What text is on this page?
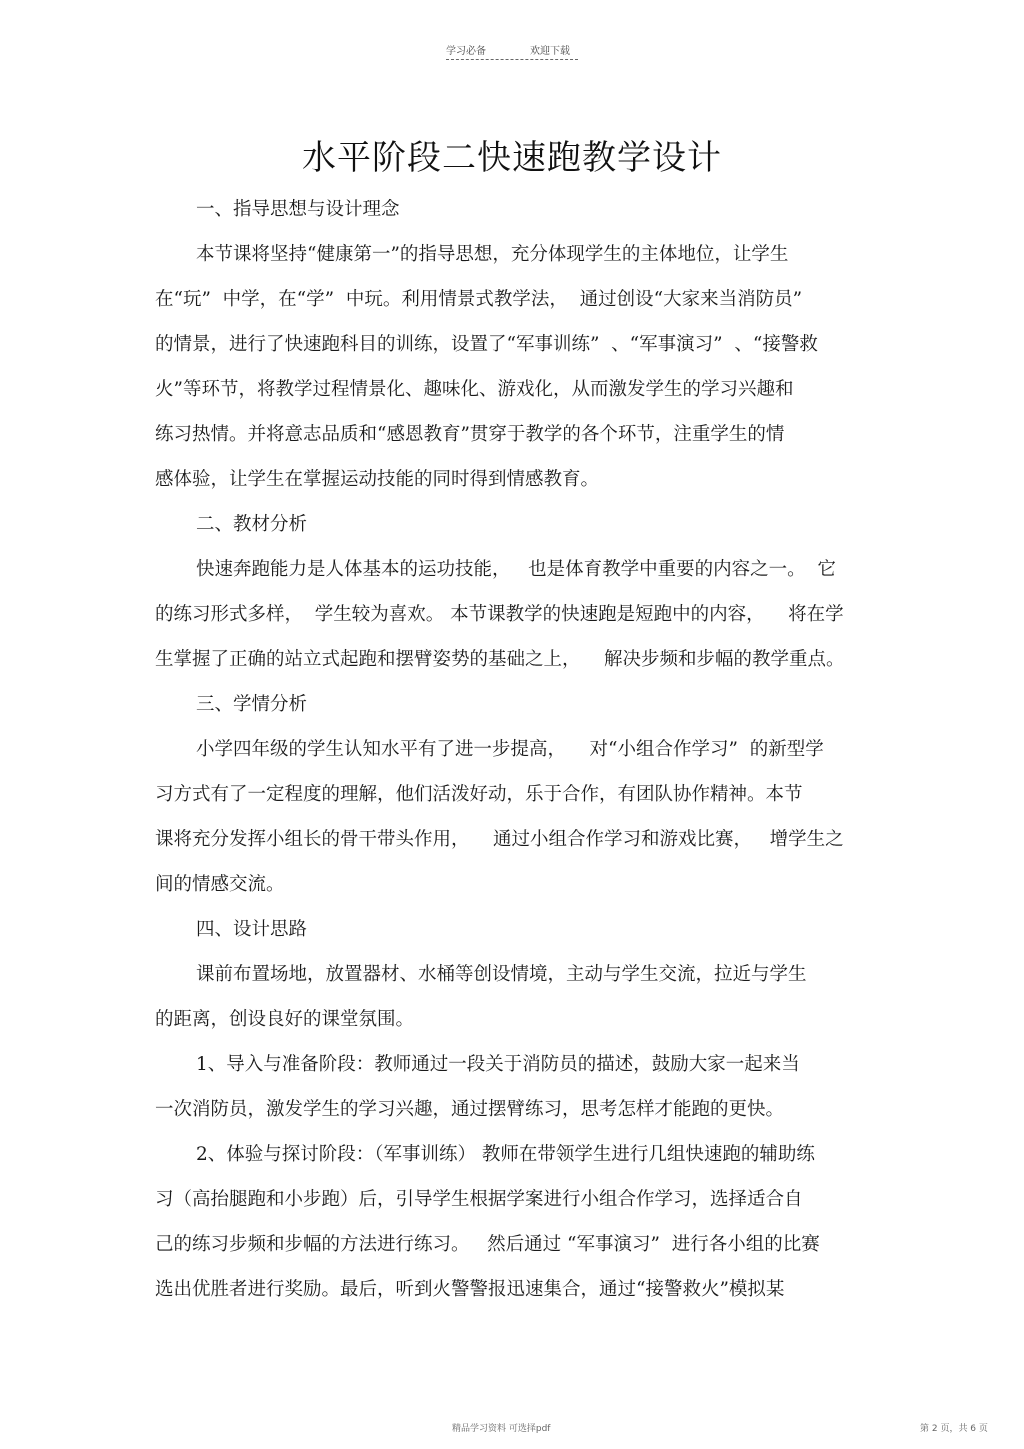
学习必备	欢迎下载
水平阶段二快速跑教学设计
一、指导思想与设计理念
本节课将坚持“健康第一”的指导思想，充分体现学生的主体地位，让学生
在“玩”  中学，在“学”  中玩。利用情景式教学法，  通过创设“大家来当消防员”
的情景，进行了快速跑科目的训练，设置了“军事训练”  、“军事演习”  、“接警救
火”等环节，将教学过程情景化、趣味化、游戏化，从而激发学生的学习兴趣和
练习热情。并将意志品质和“感恩教育”贯穿于教学的各个环节，注重学生的情
感体验，让学生在掌握运动技能的同时得到情感教育。
二、教材分析
快速奔跑能力是人体基本的运功技能，   也是体育教学中重要的内容之一。  它
的练习形式多样，  学生较为喜欢。 本节课教学的快速跑是短跑中的内容，    将在学
生掌握了正确的站立式起跑和摆臂姿势的基础之上，    解决步频和步幅的教学重点。
三、学情分析
小学四年级的学生认知水平有了进一步提高，    对“小组合作学习”  的新型学
习方式有了一定程度的理解，他们活泼好动，乐于合作，有团队协作精神。本节
课将充分发挥小组长的骨干带头作用，    通过小组合作学习和游戏比赛，   增学生之
间的情感交流。
四、设计思路
课前布置场地，放置器材、水桶等创设情境，主动与学生交流，拉近与学生
的距离，创设良好的课堂氛围。
1、导入与准备阶段：教师通过一段关于消防员的描述，鼓励大家一起来当
一次消防员，激发学生的学习兴趣，通过摆臂练习，思考怎样才能跑的更快。
2、体验与探讨阶段：（军事训练） 教师在带领学生进行几组快速跑的辅助练
习（高抬腿跑和小步跑）后，引导学生根据学案进行小组合作学习，选择适合自
己的练习步频和步幅的方法进行练习。   然后通过 “军事演习”  进行各小组的比赛
选出优胜者进行奖励。最后，听到火警警报迅速集合，通过“接警救火”模拟某
精品学习资料 可选择pdf	第 2 页，共 6 页
